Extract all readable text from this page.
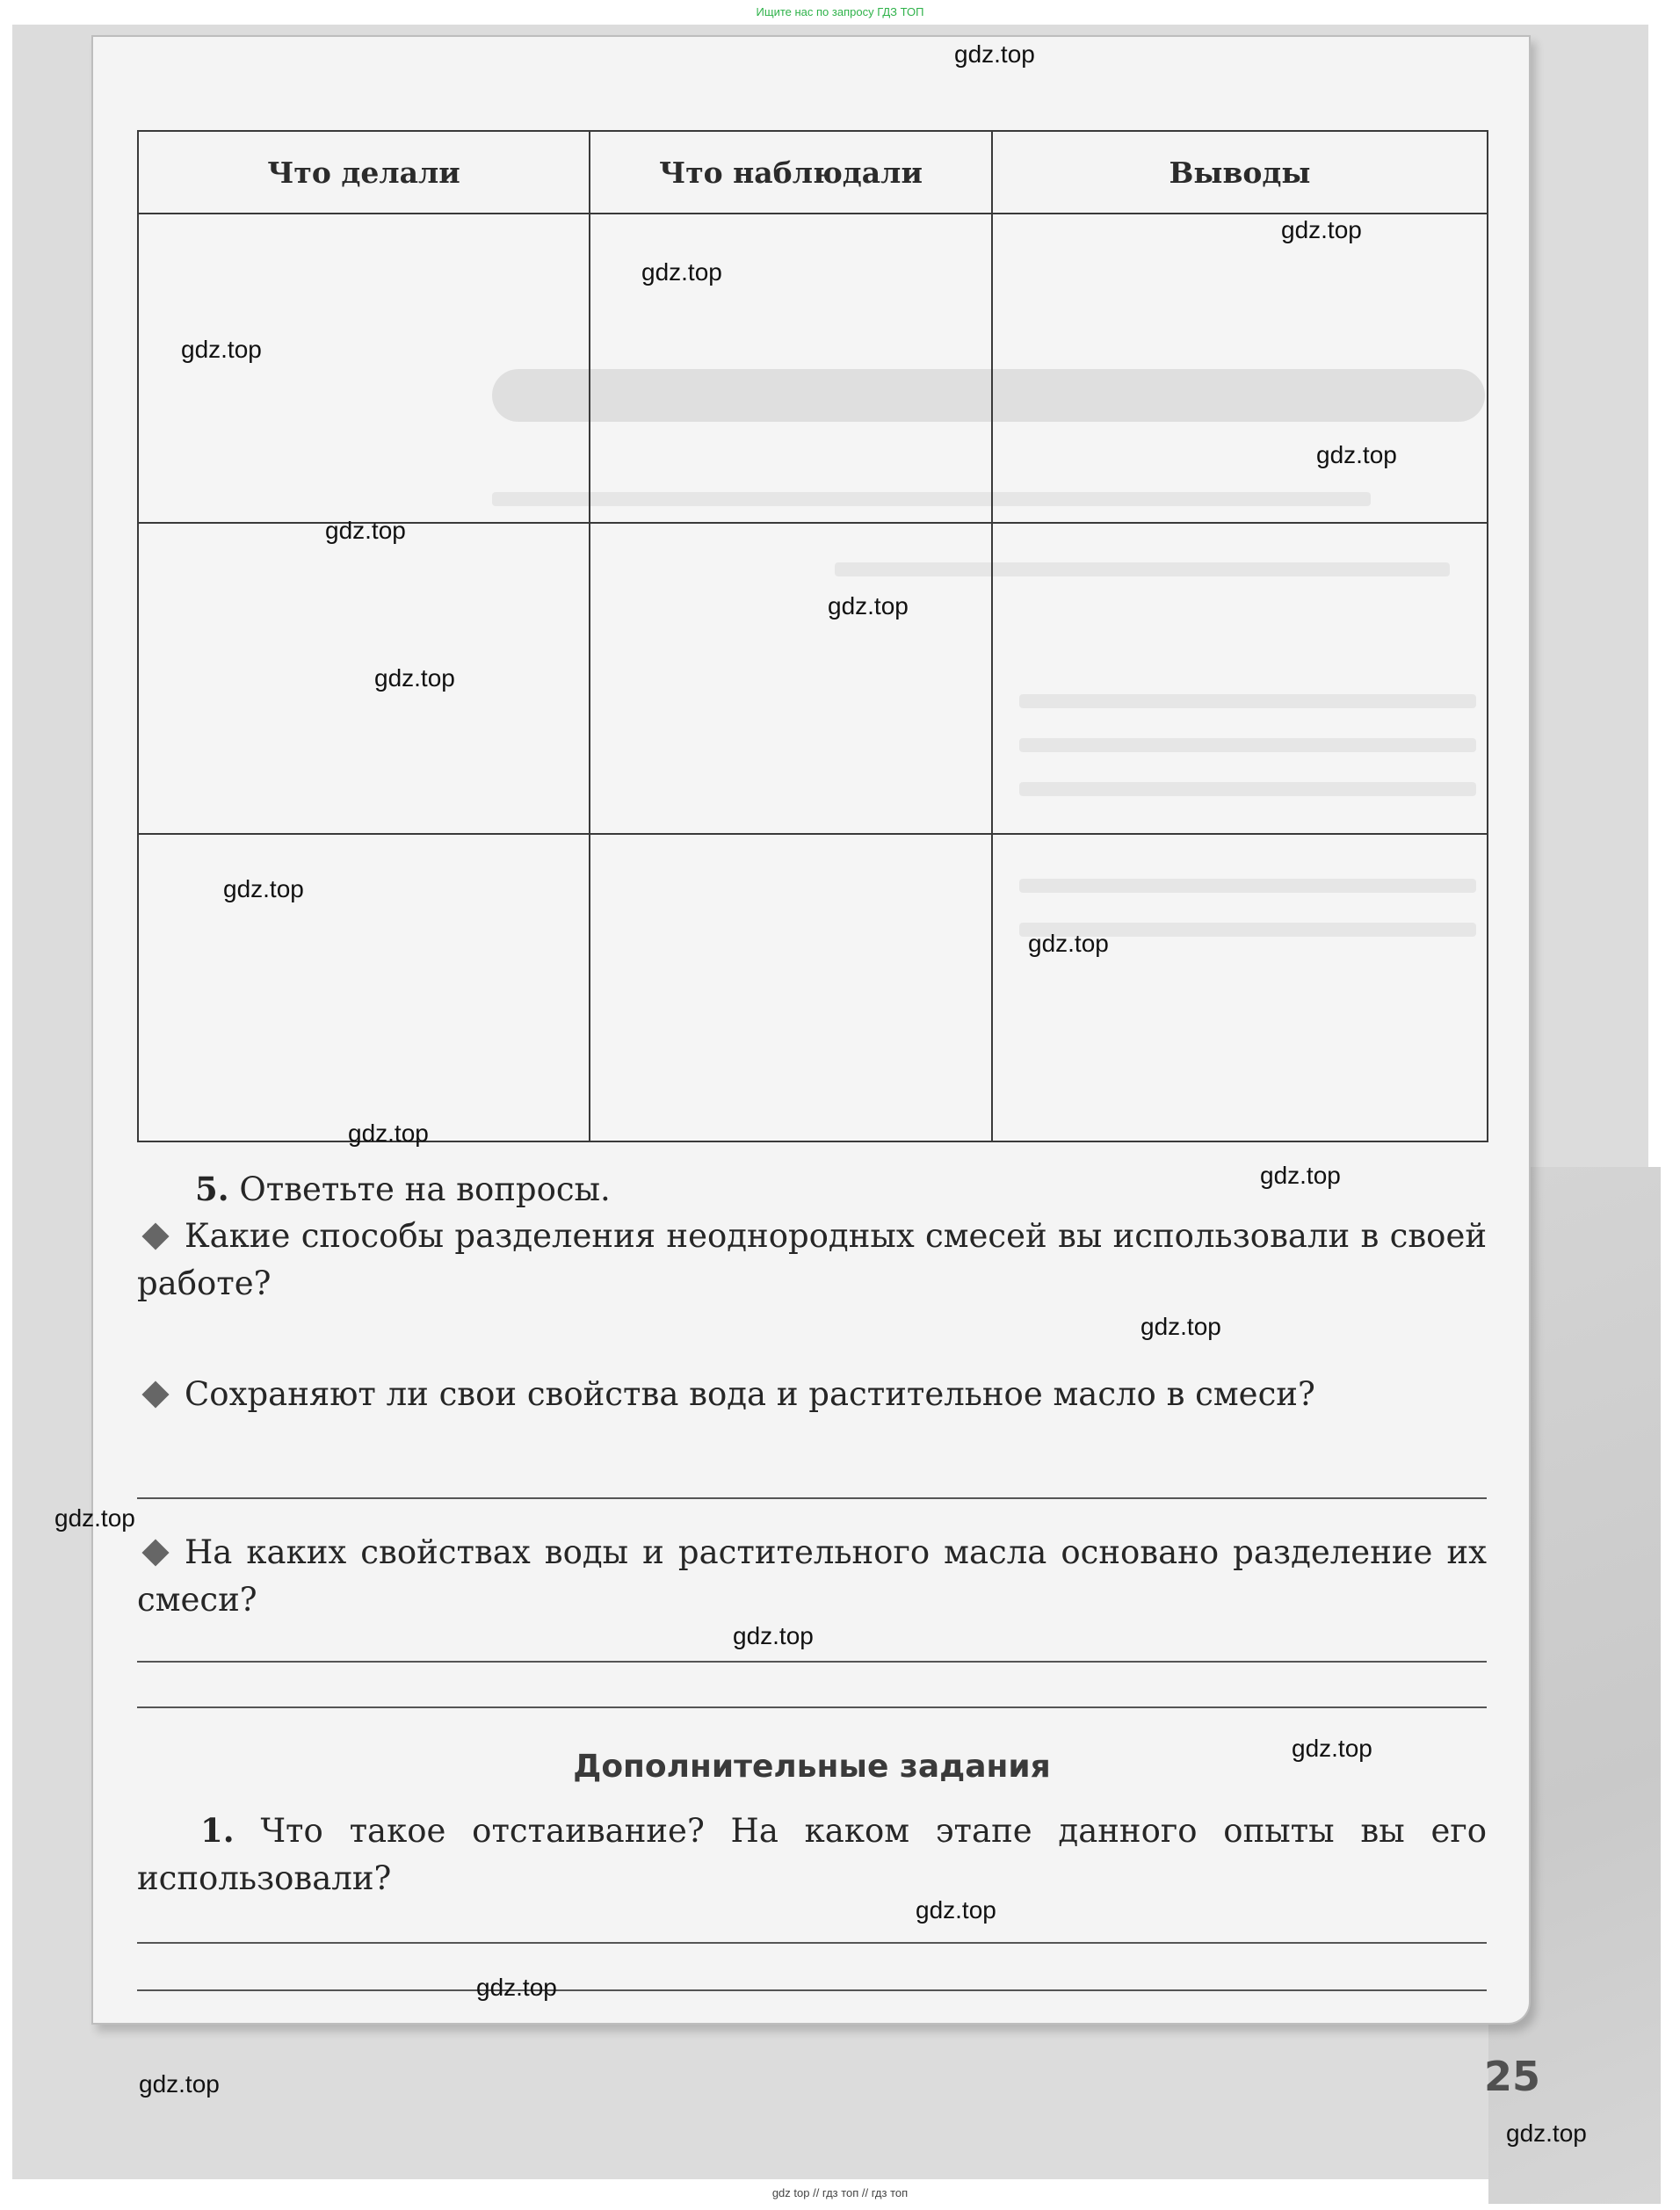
Ищите нас по запросу ГДЗ ТОП
Что делали	Что наблюдали	Выводы

5. Ответьте на вопросы.
Какие способы разделения неоднородных смесей вы использовали в своей работе?
Сохраняют ли свои свойства вода и растительное масло в смеси?
На каких свойствах воды и растительного масла основано разделение их смеси?
Дополнительные задания
1. Что такое отстаивание? На каком этапе данного опыты вы его использовали?
25
gdz.top
gdz.top
gdz.top
gdz.top
gdz.top
gdz.top
gdz.top
gdz.top
gdz.top
gdz.top
gdz.top
gdz.top
gdz.top
gdz.top
gdz.top
gdz.top
gdz.top
gdz.top
gdz.top
gdz.top
gdz top // гдз топ // гдз топ
